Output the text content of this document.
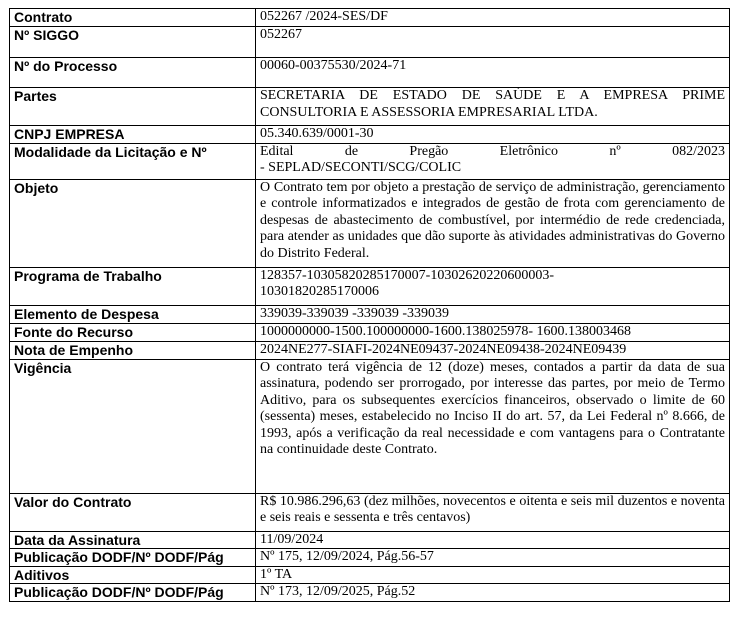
Contrato	052267 /2024-SES/DF
Nº SIGGO	052267
Nº do Processo	00060-00375530/2024-71
Partes	SECRETARIA DE ESTADO DE SAÚDE E A EMPRESA PRIME CONSULTORIA E ASSESSORIA EMPRESARIAL LTDA.
CNPJ EMPRESA	05.340.639/0001-30
Modalidade da Licitação e Nº	Edital de Pregão Eletrônico nº 082/2023
- SEPLAD/SECONTI/SCG/COLIC

Objeto	O Contrato tem por objeto a prestação de serviço de administração, gerenciamento e controle informatizados e integrados de gestão de frota com gerenciamento de despesas de abastecimento de combustível, por intermédio de rede credenciada, para atender as unidades que dão suporte às atividades administrativas do Governo do Distrito Federal.
Programa de Trabalho	128357-10305820285170007-10302620220600003-
10301820285170006

Elemento de Despesa	339039-339039 -339039 -339039
Fonte do Recurso	1000000000-1500.100000000-1600.138025978- 1600.138003468
Nota de Empenho	2024NE277-SIAFI-2024NE09437-2024NE09438-2024NE09439
Vigência	O contrato terá vigência de 12 (doze) meses, contados a partir da data de sua assinatura, podendo ser prorrogado, por interesse das partes, por meio de Termo Aditivo, para os subsequentes exercícios financeiros, observado o limite de 60 (sessenta) meses, estabelecido no Inciso II do art. 57, da Lei Federal nº 8.666, de 1993, após a verificação da real necessidade e com vantagens para o Contratante na continuidade deste Contrato.
Valor do Contrato	R$ 10.986.296,63 (dez milhões, novecentos e oitenta e seis mil duzentos e noventa e seis reais e sessenta e três centavos)
Data da Assinatura	11/09/2024
Publicação DODF/Nº DODF/Pág	Nº 175, 12/09/2024, Pág.56-57
Aditivos	1º TA
Publicação DODF/Nº DODF/Pág	Nº 173, 12/09/2025, Pág.52
